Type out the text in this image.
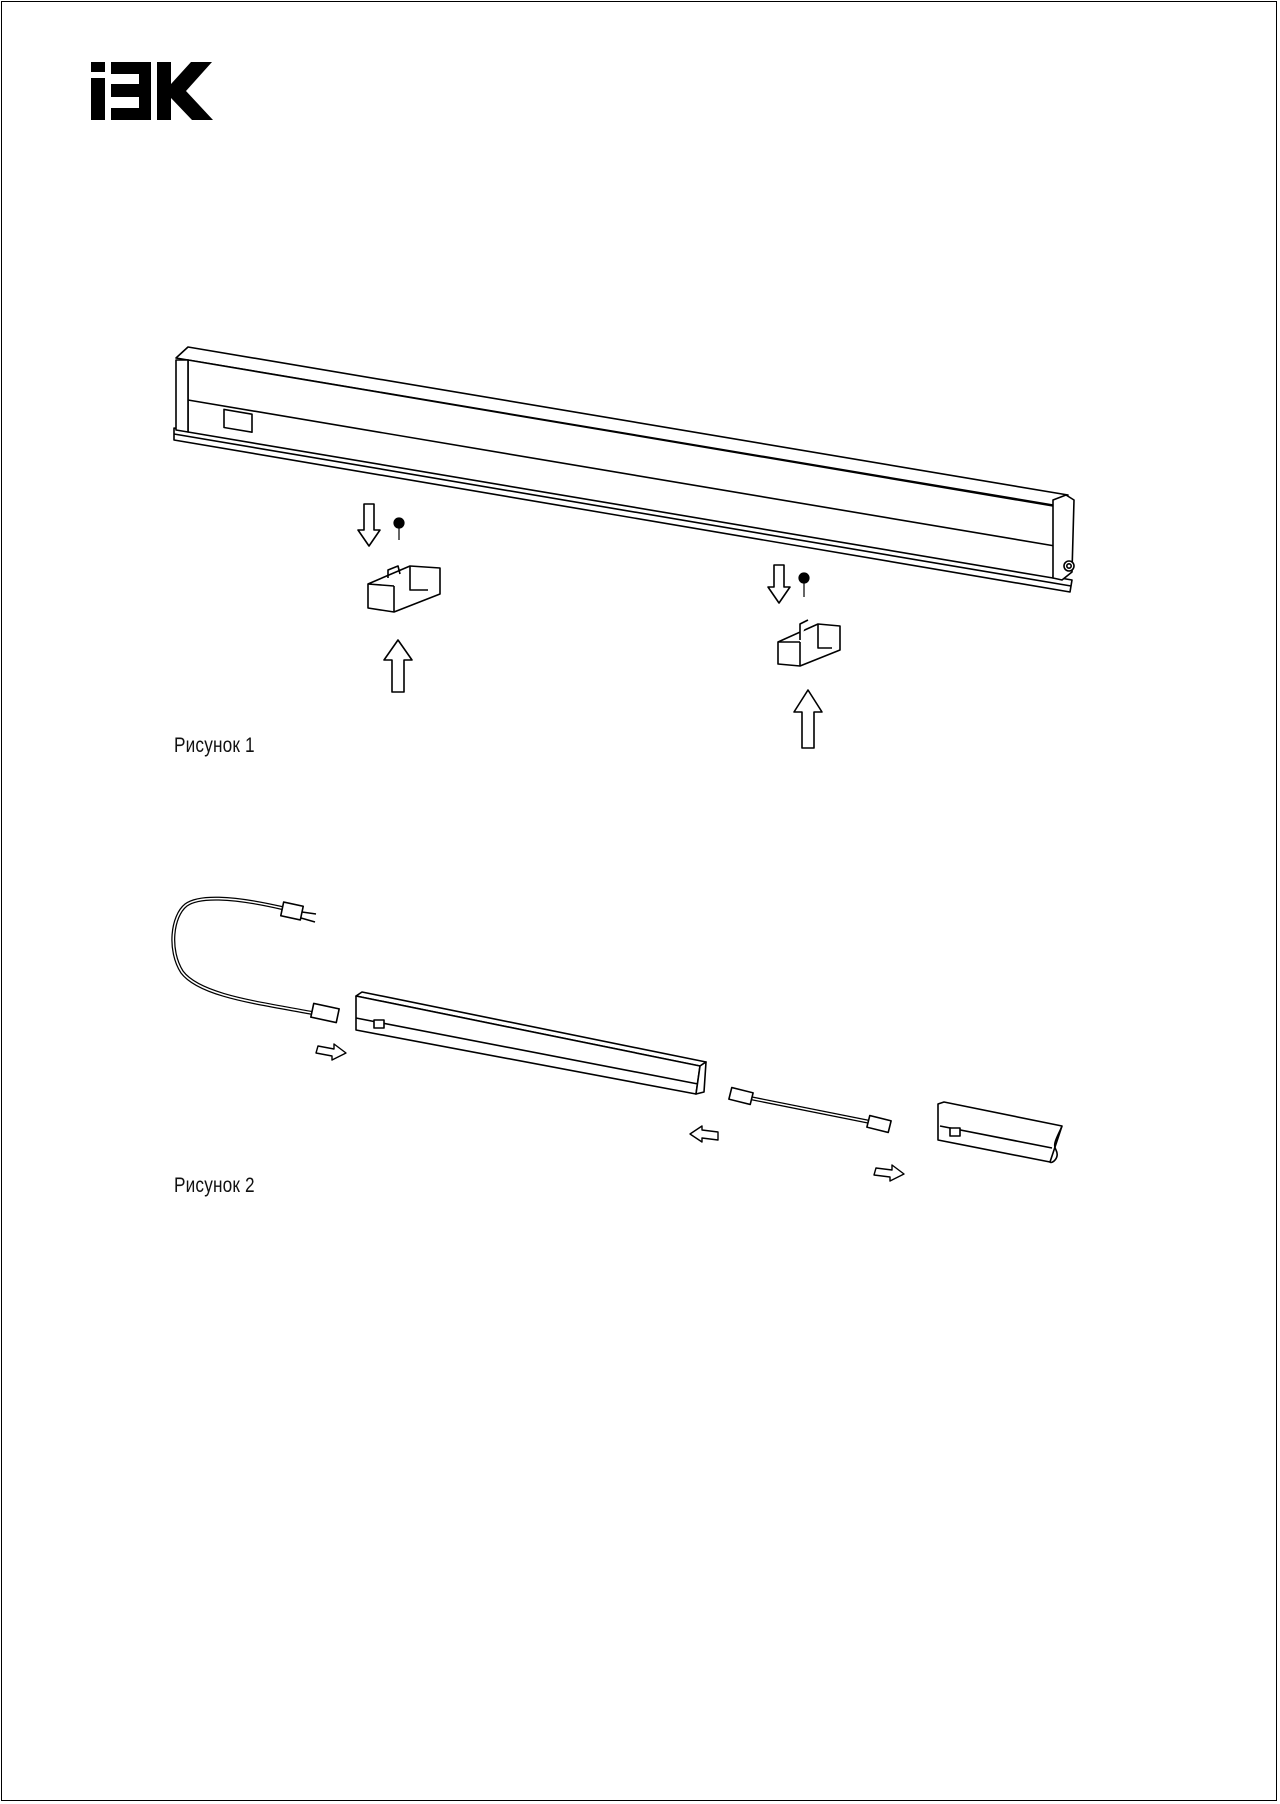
Рисунок 1
Рисунок 2
